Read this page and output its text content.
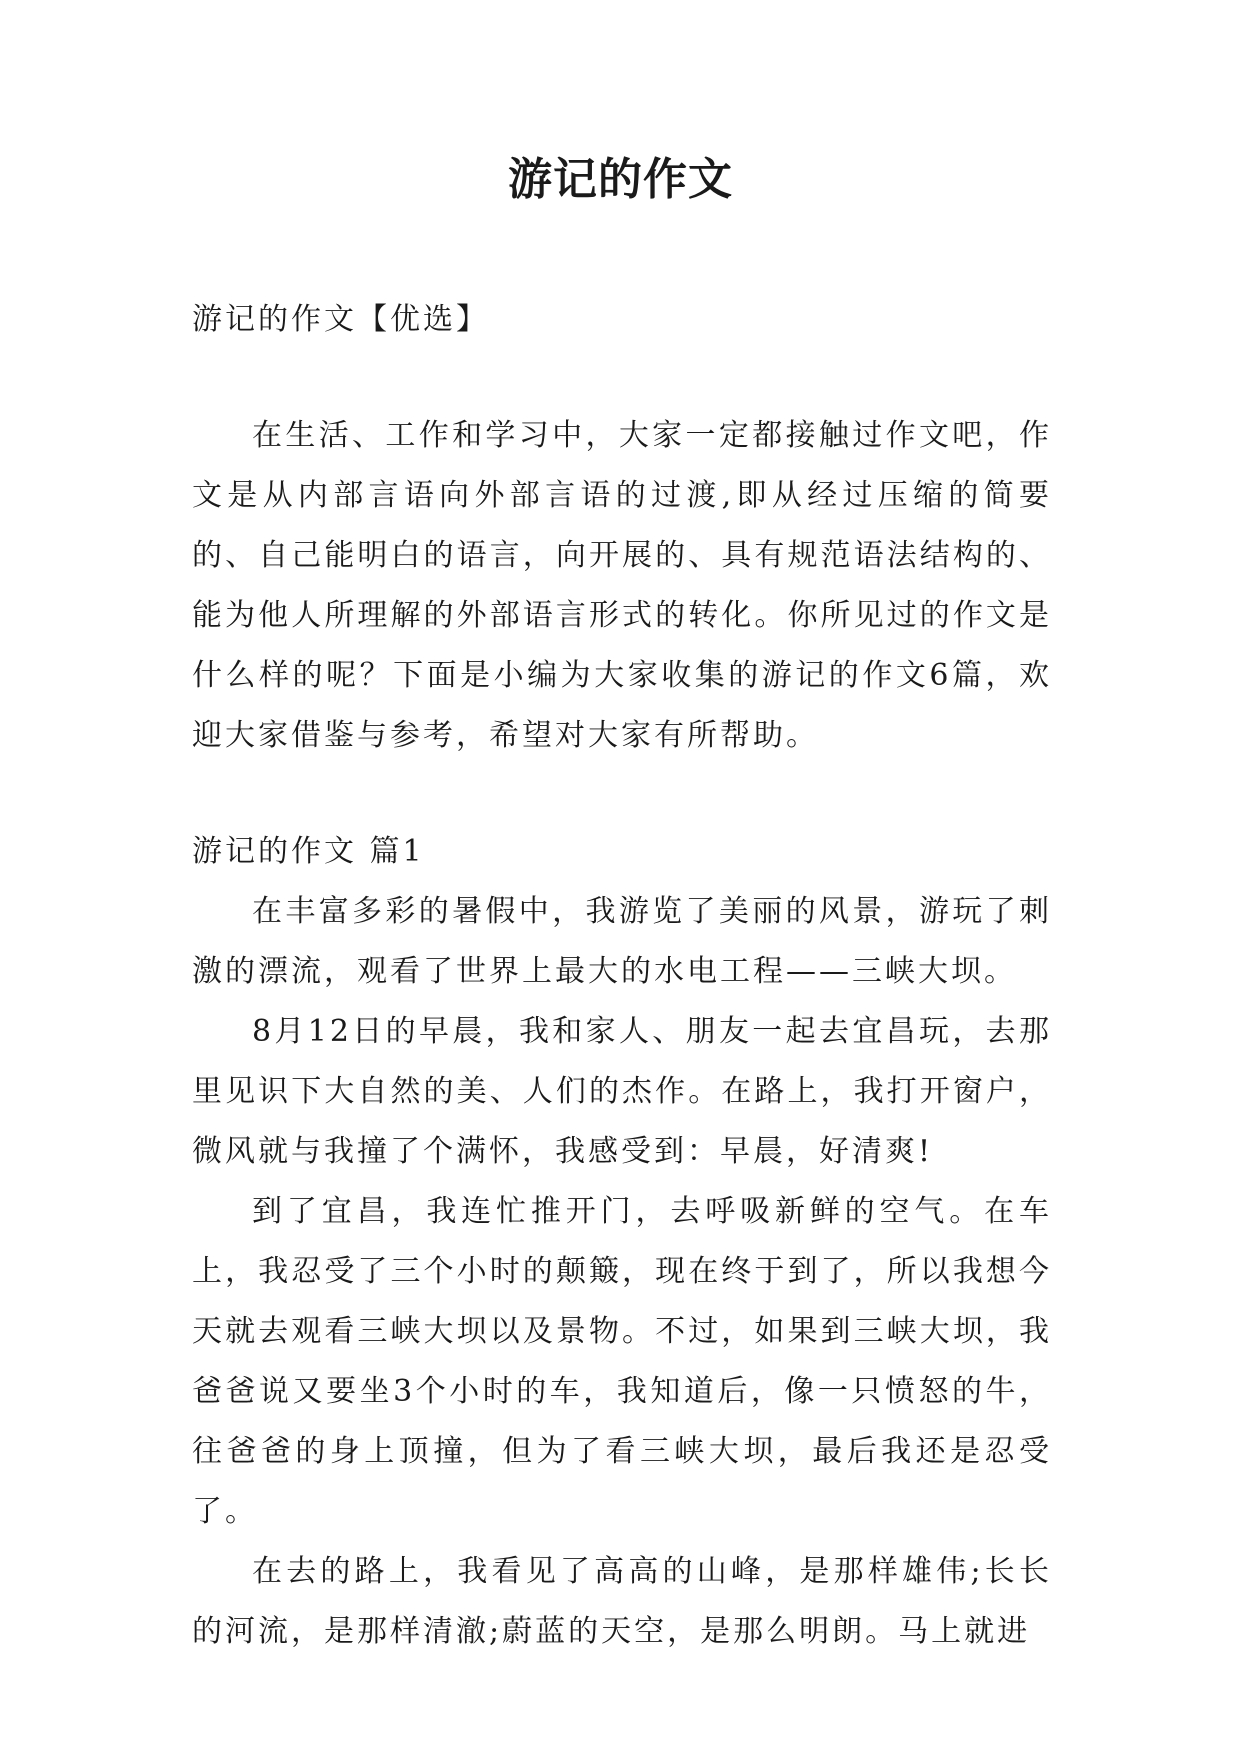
游记的作文

游记的作文【优选】

在生活、工作和学习中，大家一定都接触过作文吧，作文是从内部言语向外部言语的过渡,即从经过压缩的简要的、自己能明白的语言，向开展的、具有规范语法结构的、能为他人所理解的外部语言形式的转化。你所见过的作文是什么样的呢？下面是小编为大家收集的游记的作文6篇，欢迎大家借鉴与参考，希望对大家有所帮助。

游记的作文 篇1

在丰富多彩的暑假中，我游览了美丽的风景，游玩了刺激的漂流，观看了世界上最大的水电工程——三峡大坝。

8月12日的早晨，我和家人、朋友一起去宜昌玩，去那里见识下大自然的美、人们的杰作。在路上，我打开窗户，微风就与我撞了个满怀，我感受到：早晨，好清爽!

到了宜昌，我连忙推开门，去呼吸新鲜的空气。在车上，我忍受了三个小时的颠簸，现在终于到了，所以我想今天就去观看三峡大坝以及景物。不过，如果到三峡大坝，我爸爸说又要坐3个小时的车，我知道后，像一只愤怒的牛，往爸爸的身上顶撞，但为了看三峡大坝，最后我还是忍受了。

在去的路上，我看见了高高的山峰，是那样雄伟;长长的河流，是那样清澈;蔚蓝的天空，是那么明朗。马上就进
